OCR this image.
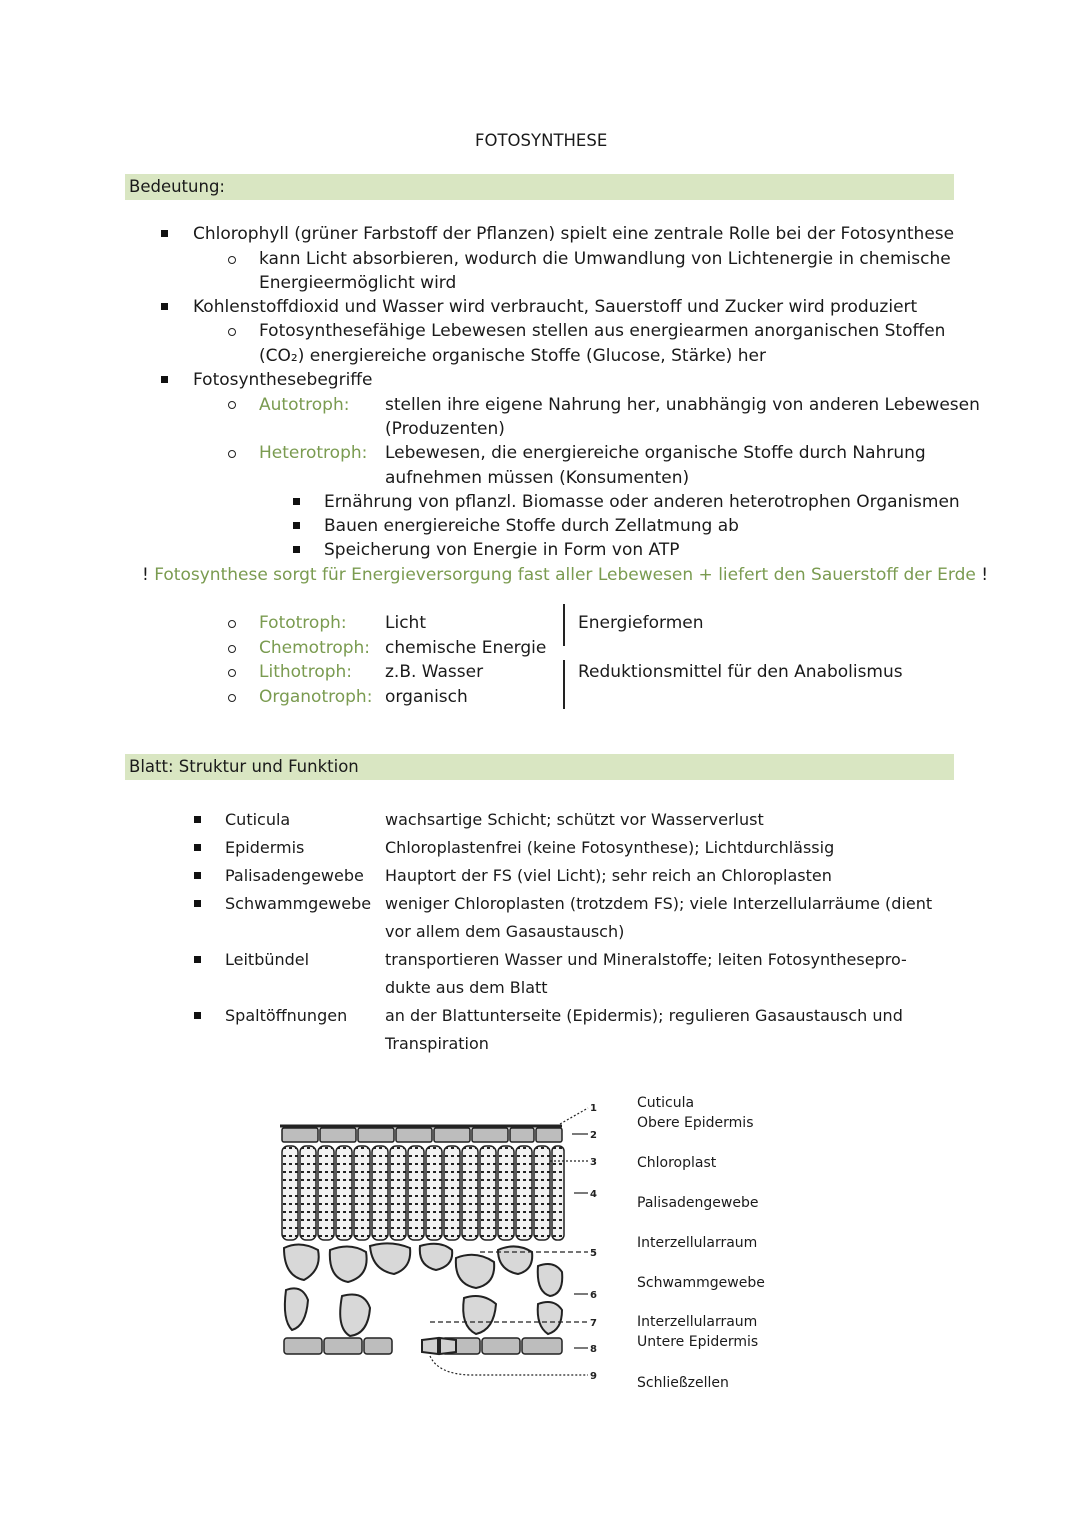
FOTOSYNTHESE
Bedeutung:
Chlorophyll (grüner Farbstoff der Pflanzen) spielt eine zentrale Rolle bei der Fotosynthese
kann Licht absorbieren, wodurch die Umwandlung von Lichtenergie in chemische
Energieermöglicht wird
Kohlenstoffdioxid und Wasser wird verbraucht, Sauerstoff und Zucker wird produziert
Fotosynthesefähige Lebewesen stellen aus energiearmen anorganischen Stoffen
(CO₂) energiereiche organische Stoffe (Glucose, Stärke) her
Fotosynthesebegriffe
Autotroph: stellen ihre eigene Nahrung her, unabhängig von anderen Lebewesen
(Produzenten)
Heterotroph: Lebewesen, die energiereiche organische Stoffe durch Nahrung
aufnehmen müssen (Konsumenten)
Ernährung von pflanzl. Biomasse oder anderen heterotrophen Organismen
Bauen energiereiche Stoffe durch Zellatmung ab
Speicherung von Energie in Form von ATP
! Fotosynthese sorgt für Energieversorgung fast aller Lebewesen + liefert den Sauerstoff der Erde !
Fototroph: Licht
Chemotroph: chemische Energie
Lithotroph: z.B. Wasser
Organotroph: organisch
Energieformen
Reduktionsmittel für den Anabolismus
Blatt: Struktur und Funktion
Cuticula	wachsartige Schicht; schützt vor Wasserverlust
Epidermis	Chloroplastenfrei (keine Fotosynthese); Lichtdurchlässig
Palisadengewebe Hauptort der FS (viel Licht); sehr reich an Chloroplasten
Schwammgewebe weniger Chloroplasten (trotzdem FS); viele Interzellularräume (dient
vor allem dem Gasaustausch)
Leitbündel	transportieren Wasser und Mineralstoffe; leiten Fotosynthesepro-
dukte aus dem Blatt
Spaltöffnungen an der Blattunterseite (Epidermis); regulieren Gasaustausch und
Transpiration
1
2
3
4
5
6
7
8
9
Cuticula
Obere Epidermis
Chloroplast
Palisadengewebe
Interzellularraum
Schwammgewebe
Interzellularraum
Untere Epidermis
Schließzellen
